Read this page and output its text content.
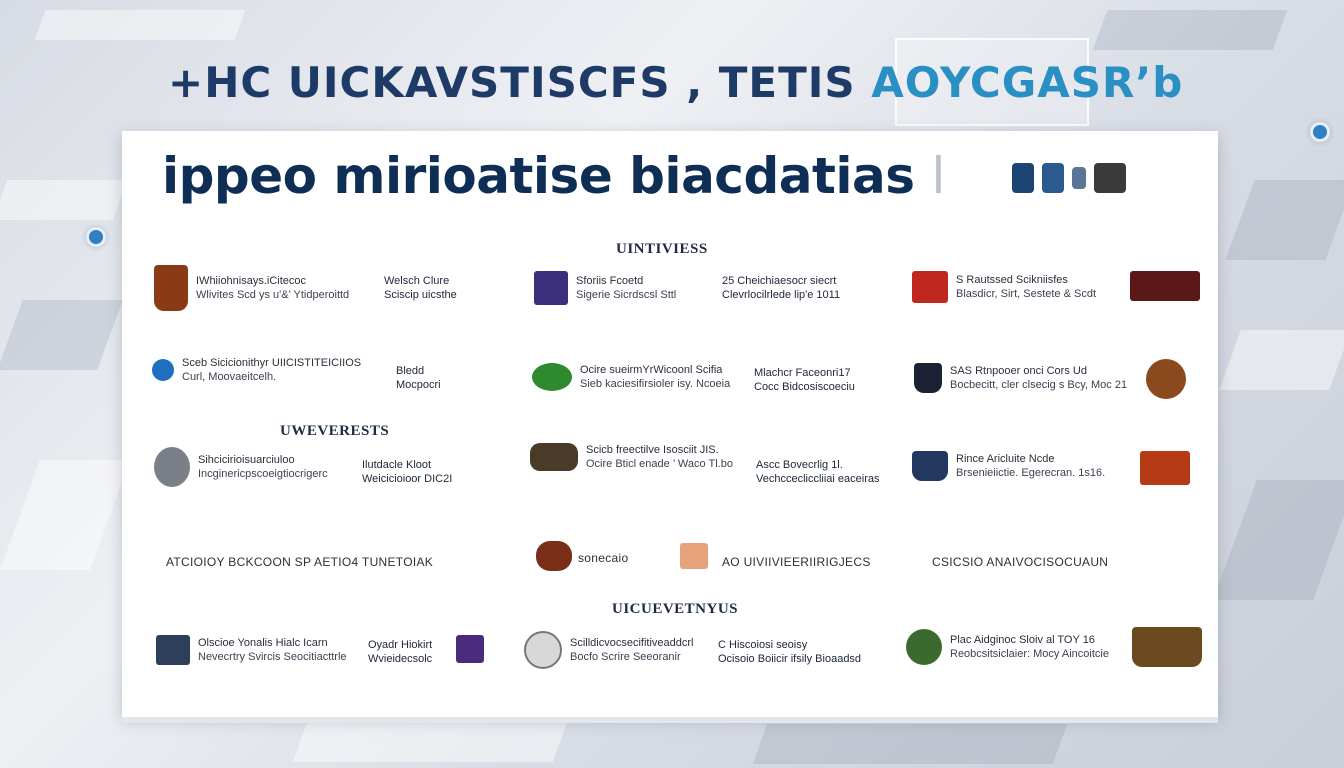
+HC UICKAVSTISCFS , TETIS AOYCGASR’b
ippeo mirioatise biacdatias l
UINTIVIESS
UWEVERESTS
UICUEVETNYUS
IWhiiohnisays.iCitecoc
Wlivites Scd ys u'&' Ytidperoittd
Welsch Clure
Sciscip uicsthe
Sforiis Fcoetd
Sigerie Sicrdscsl Sttl
25 Cheichiaesocr siecrt
Clevrlocilrlede lip'e 1011
S Rautssed Scikniisfes
Blasdicr, Sirt, Sestete & Scdt
Sceb Sicicionithyr UIICISTITEICIIOS
Curl, Moovaeitcelh.	Bledd
Mocpocri
Ocire sueirmYrWicoonl Scifia
Sieb kaciesifirsioler isy. Ncoeia
Mlachcr Faceonri17
Cocc Bidcosiscoeciu
SAS Rtnpooer onci Cors Ud
Bocbecitt, cler clsecig s Bcy, Moc 21
Sihcicirioisuarciuloo
Incginericpscoeigtiocrigerc
Ilutdacle Kloot
Weicicioioor DIC2I
Scicb freectilve Isosciit JIS.
Ocire Bticl enade ’ Waco Tl.bo Ascc Bovecrlig 1l.
Vechccecliccliiai eaceiras
Rince Aricluite Ncde
Brsenieiictie. Egerecran. 1s16.
ATCIOIOY BCKCOON SP AETIO4 TUNETOIAK	sonecaio	AO UIVIIVIEERIIRIGJECS	CSICSIO ANAIVOCISOCUAUN
Olscioe Yonalis Hialc Icarn
Nevecrtry Svircis Seocitiacttrle
Oyadr Hiokirt
Wvieidecsolc
Scilldicvocsecifitiveaddcrl
Bocfo Scrire Seeoranir
C Hiscoiosi seoisy
Ocisoio Boiicir ifsily Bioaadsd
Plac Aidginoc Sloiv al TOY 16
Reobcsitsiclaier: Mocy Aincoitcie
